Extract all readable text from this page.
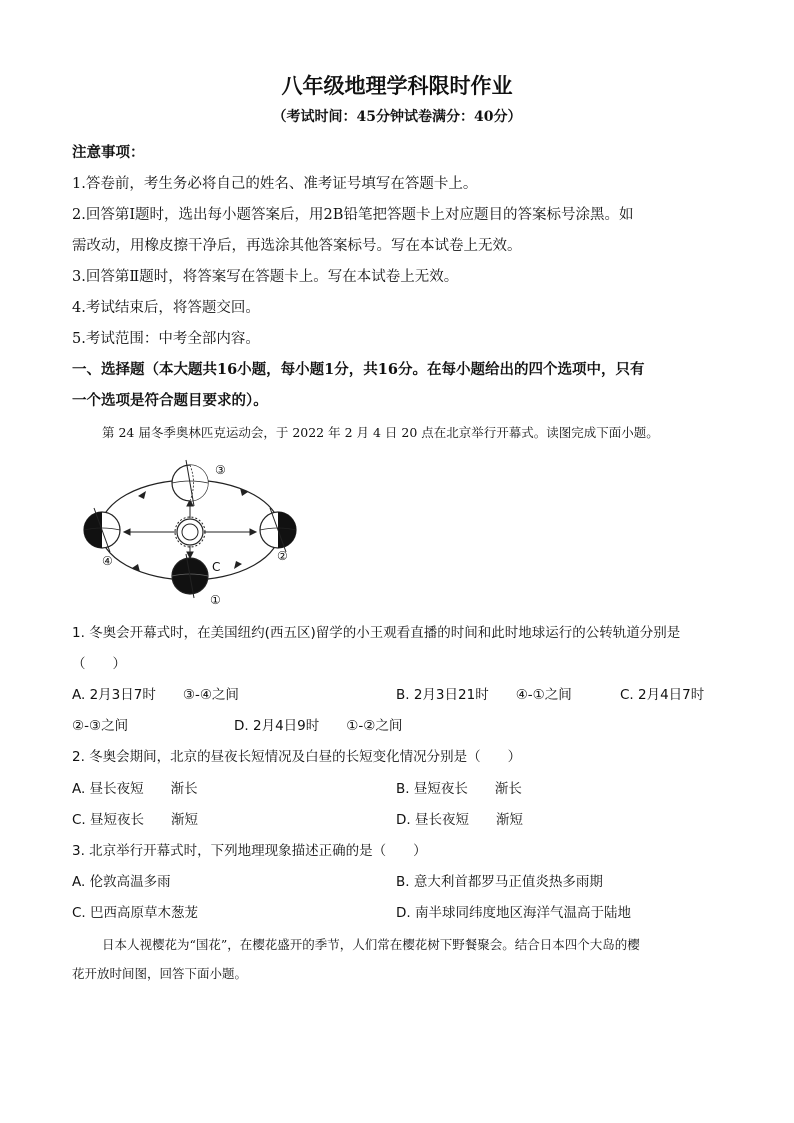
八年级地理学科限时作业
（考试时间：45分钟试卷满分：40分）
注意事项：
1.答卷前，考生务必将自己的姓名、准考证号填写在答题卡上。
2.回答第Ⅰ题时，选出每小题答案后，用2B铅笔把答题卡上对应题目的答案标号涂黑。如
需改动，用橡皮擦干净后，再选涂其他答案标号。写在本试卷上无效。
3.回答第Ⅱ题时，将答案写在答题卡上。写在本试卷上无效。
4.考试结束后，将答题交回。
5.考试范围：中考全部内容。
一、选择题（本大题共16小题，每小题1分，共16分。在每小题给出的四个选项中，只有
一个选项是符合题目要求的）。
第 24 届冬季奥林匹克运动会，于 2022 年 2 月 4 日 20 点在北京举行开幕式。读图完成下面小题。
③
②
①
④	C
1. 冬奥会开幕式时，在美国纽约(西五区)留学的小王观看直播的时间和此时地球运行的公转轨道分别是
（　　）
A. 2月3日7时　　③-④之间	B. 2月3日21时　　④-①之间	C. 2月4日7时
②-③之间	D. 2月4日9时　　①-②之间
2. 冬奥会期间，北京的昼夜长短情况及白昼的长短变化情况分别是（　　）
A. 昼长夜短　　渐长	B. 昼短夜长　　渐长
C. 昼短夜长　　渐短	D. 昼长夜短　　渐短
3. 北京举行开幕式时，下列地理现象描述正确的是（　　）
A. 伦敦高温多雨	B. 意大利首都罗马正值炎热多雨期
C. 巴西高原草木葱茏	D. 南半球同纬度地区海洋气温高于陆地
日本人视樱花为“国花”，在樱花盛开的季节，人们常在樱花树下野餐聚会。结合日本四个大岛的樱
花开放时间图，回答下面小题。
